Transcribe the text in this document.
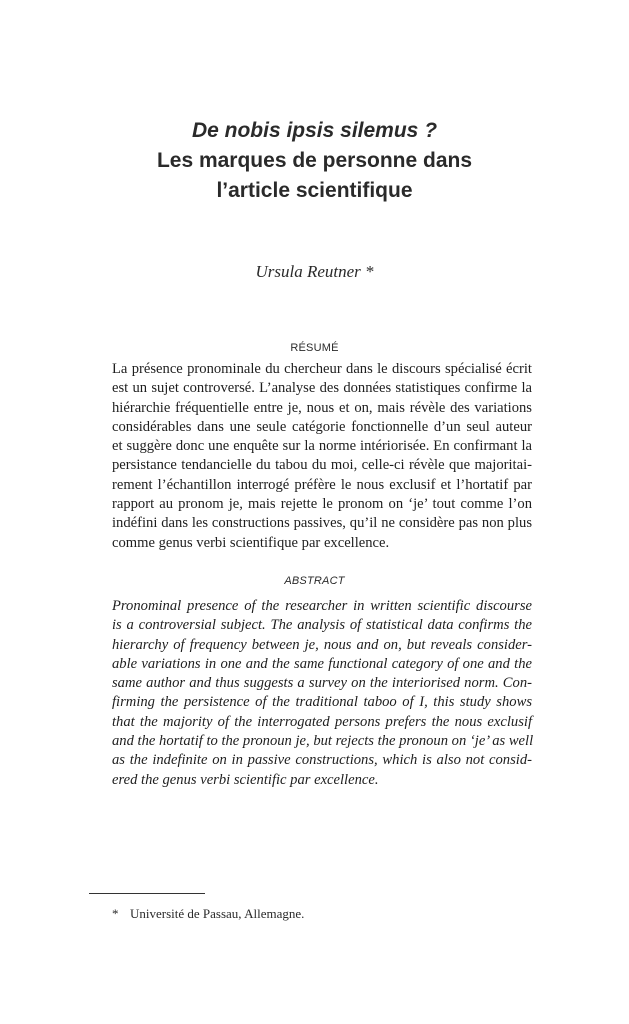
De nobis ipsis silemus ?
Les marques de personne dans
l’article scientifique
Ursula Reutner *
RÉSUMÉ
La présence pronominale du chercheur dans le discours spécialisé écrit
est un sujet controversé. L’analyse des données statistiques confirme la
hiérarchie fréquentielle entre je, nous et on, mais révèle des variations
considérables dans une seule catégorie fonctionnelle d’un seul auteur
et suggère donc une enquête sur la norme intériorisée. En confirmant la
persistance tendancielle du tabou du moi, celle-ci révèle que majoritai-
rement l’échantillon interrogé préfère le nous exclusif et l’hortatif par
rapport au pronom je, mais rejette le pronom on ‘je’ tout comme l’on
indéfini dans les constructions passives, qu’il ne considère pas non plus
comme genus verbi scientifique par excellence.
ABSTRACT
Pronominal presence of the researcher in written scientific discourse
is a controversial subject. The analysis of statistical data confirms the
hierarchy of frequency between je, nous and on, but reveals consider-
able variations in one and the same functional category of one and the
same author and thus suggests a survey on the interiorised norm. Con-
firming the persistence of the traditional taboo of I, this study shows
that the majority of the interrogated persons prefers the nous exclusif
and the hortatif to the pronoun je, but rejects the pronoun on ‘je’ as well
as the indefinite on in passive constructions, which is also not consid-
ered the genus verbi scientific par excellence.
* Université de Passau, Allemagne.
